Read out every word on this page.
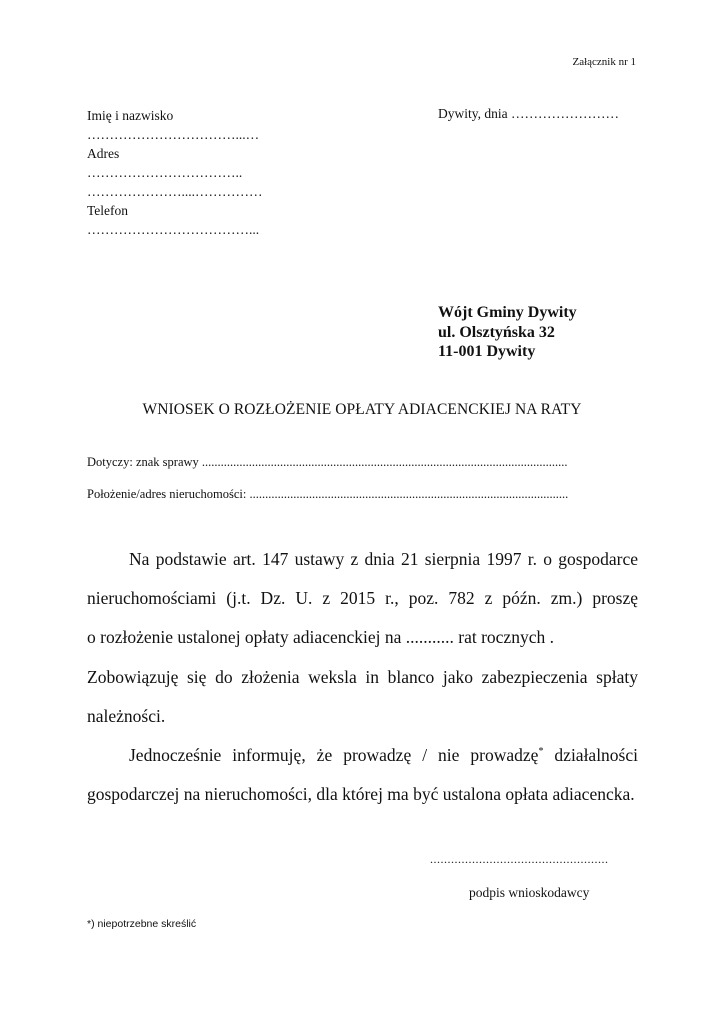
Załącznik nr 1
Imię i nazwisko
……………………………...…
Adres
……………………………..
…………………....……………
Telefon
………………………………...
Dywity, dnia ……………………
Wójt Gminy Dywity
ul. Olsztyńska 32
11-001 Dywity
WNIOSEK O ROZŁOŻENIE OPŁATY ADIACENCKIEJ NA RATY
Dotyczy: znak sprawy .....................................................................................................................
Położenie/adres nieruchomości: ......................................................................................................

Na podstawie art. 147 ustawy z dnia 21 sierpnia 1997 r. o gospodarce nieruchomościami (j.t. Dz. U. z 2015 r., poz. 782 z późn. zm.) proszę

o rozłożenie ustalonej opłaty adiacenckiej na ........... rat rocznych .

Zobowiązuję się do złożenia weksla in blanco jako zabezpieczenia spłaty należności.

Jednocześnie informuję, że prowadzę / nie prowadzę* działalności gospodarczej na nieruchomości, dla której ma być ustalona opłata adiacencka.

...................................................
podpis wnioskodawcy
*) niepotrzebne skreślić
